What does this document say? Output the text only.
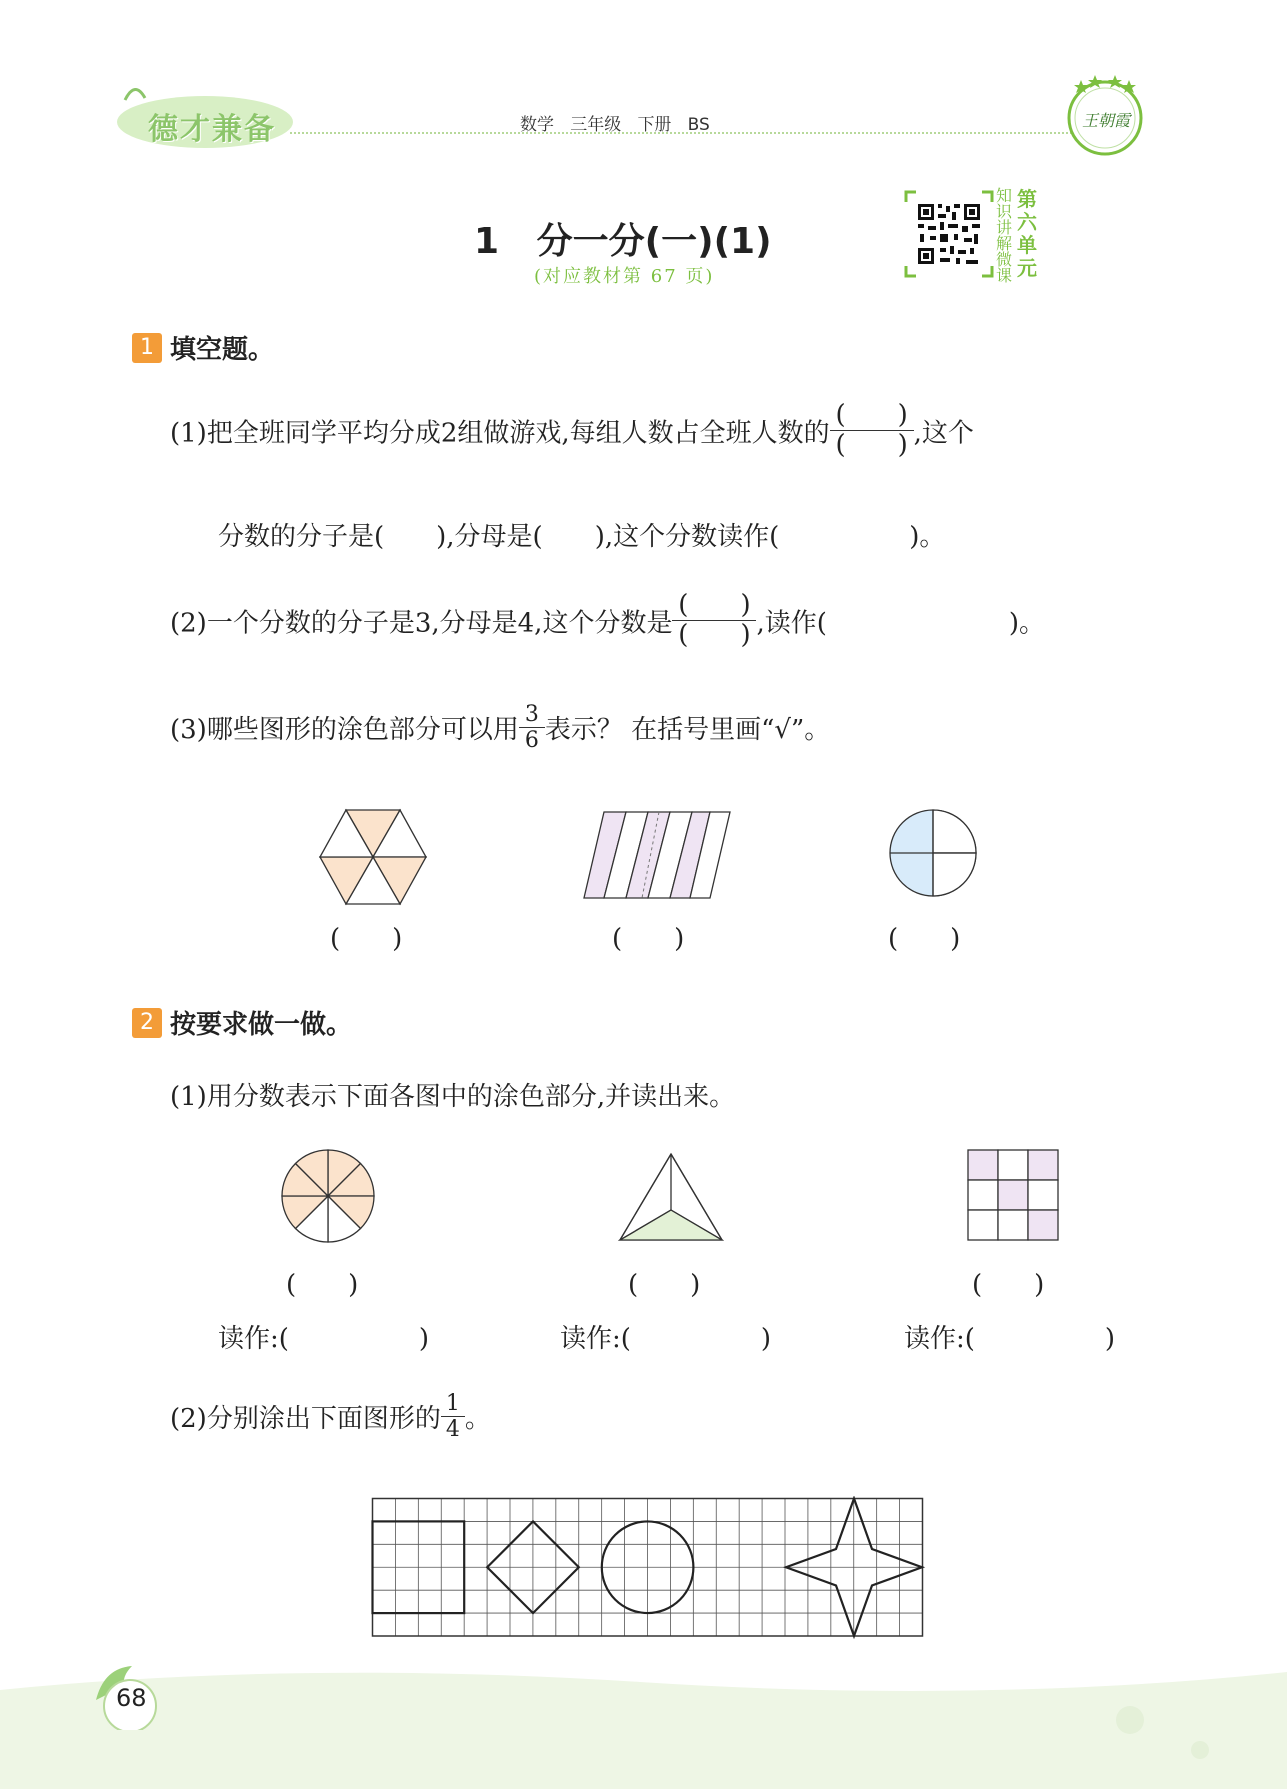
德才兼备	数学 三年级 下册 BS	王朝霞
1 分一分(一)(1)
(对应教材第 67 页)
知识讲解微课
第六单元
1 填空题。
(1)把全班同学平均分成2组做游戏,每组人数占全班人数的 $\frac{( )}{( )}$ ,这个
分数的分子是(　　),分母是(　　),这个分数读作(　　　　　)。
(2)一个分数的分子是3,分母是4,这个分数是 $\frac{( )}{( )}$ ,读作(　　　　　　　)。
(3)哪些图形的涂色部分可以用 $\frac{3}{6}$ 表示？ 在括号里画“√”。
(　　)	(　　)	(　　)
2 按要求做一做。
(1)用分数表示下面各图中的涂色部分,并读出来。
(　　)	(　　)	(　　)
读作:(　　　　　)	读作:(　　　　　)	读作:(　　　　　)
(2)分别涂出下面图形的 $\frac{1}{4}$ 。
68
